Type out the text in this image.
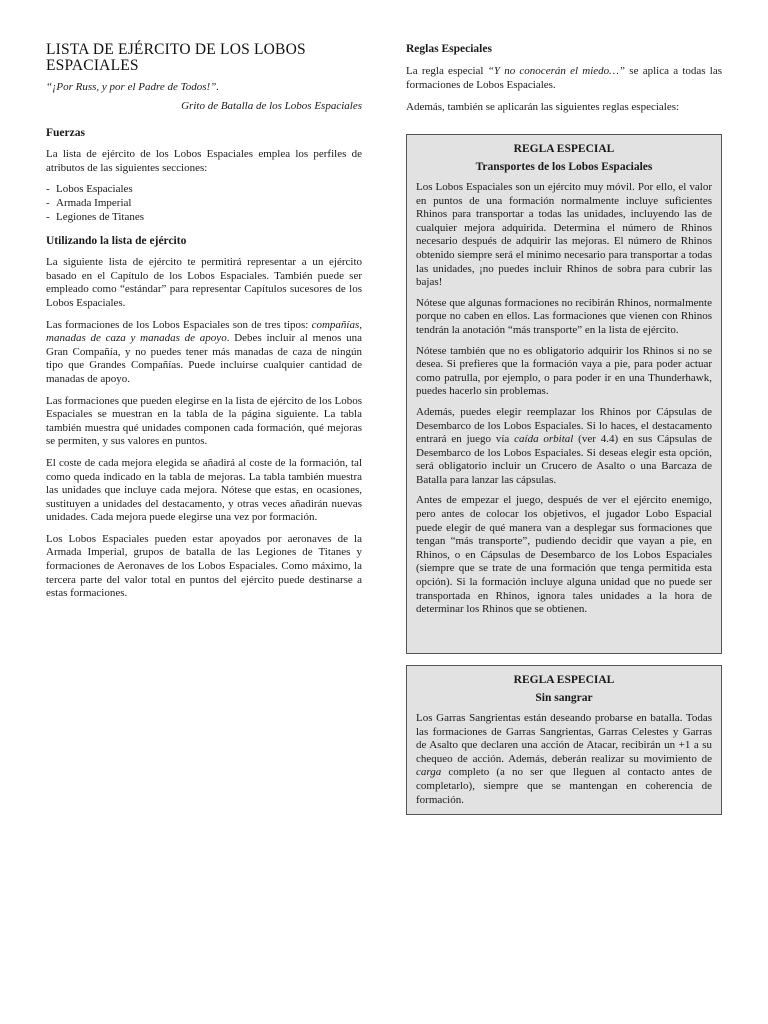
LISTA DE EJÉRCITO DE LOS LOBOS ESPACIALES

“¡Por Russ, y por el Padre de Todos!”.

Grito de Batalla de los Lobos Espaciales

Fuerzas

La lista de ejército de los Lobos Espaciales emplea los perfiles de atributos de las siguientes secciones:

- Lobos Espaciales
- Armada Imperial
- Legiones de Titanes
Utilizando la lista de ejército

La siguiente lista de ejército te permitirá representar a un ejército basado en el Capítulo de los Lobos Espaciales. También puede ser empleado como “estándar” para representar Capítulos sucesores de los Lobos Espaciales.

Las formaciones de los Lobos Espaciales son de tres tipos: compañías, manadas de caza y manadas de apoyo. Debes incluir al menos una Gran Compañía, y no puedes tener más manadas de caza de ningún tipo que Grandes Compañías. Puede incluirse cualquier cantidad de manadas de apoyo.

Las formaciones que pueden elegirse en la lista de ejército de los Lobos Espaciales se muestran en la tabla de la página siguiente. La tabla también muestra qué unidades componen cada formación, qué mejoras se permiten, y sus valores en puntos.

El coste de cada mejora elegida se añadirá al coste de la formación, tal como queda indicado en la tabla de mejoras. La tabla también muestra las unidades que incluye cada mejora. Nótese que estas, en ocasiones, sustituyen a unidades del destacamento, y otras veces añadirán nuevas unidades. Cada mejora puede elegirse una vez por formación.

Los Lobos Espaciales pueden estar apoyados por aeronaves de la Armada Imperial, grupos de batalla de las Legiones de Titanes y formaciones de Aeronaves de los Lobos Espaciales. Como máximo, la tercera parte del valor total en puntos del ejército puede destinarse a estas formaciones.

Reglas Especiales

La regla especial “Y no conocerán el miedo…” se aplica a todas las formaciones de Lobos Espaciales.

Además, también se aplicarán las siguientes reglas especiales:

REGLA ESPECIAL

Transportes de los Lobos Espaciales

Los Lobos Espaciales son un ejército muy móvil. Por ello, el valor en puntos de una formación normalmente incluye suficientes Rhinos para transportar a todas las unidades, incluyendo las de cualquier mejora adquirida. Determina el número de Rhinos necesario después de adquirir las mejoras. El número de Rhinos obtenido siempre será el mínimo necesario para transportar a todas las unidades, ¡no puedes incluir Rhinos de sobra para cubrir las bajas!

Nótese que algunas formaciones no recibirán Rhinos, normalmente porque no caben en ellos. Las formaciones que vienen con Rhinos tendrán la anotación “más transporte” en la lista de ejército.

Nótese también que no es obligatorio adquirir los Rhinos si no se desea. Si prefieres que la formación vaya a pie, para poder actuar como patrulla, por ejemplo, o para poder ir en una Thunderhawk, puedes hacerlo sin problemas.

Además, puedes elegir reemplazar los Rhinos por Cápsulas de Desembarco de los Lobos Espaciales. Si lo haces, el destacamento entrará en juego vía caída orbital (ver 4.4) en sus Cápsulas de Desembarco de los Lobos Espaciales. Si deseas elegir esta opción, será obligatorio incluir un Crucero de Asalto o una Barcaza de Batalla para lanzar las cápsulas.

Antes de empezar el juego, después de ver el ejército enemigo, pero antes de colocar los objetivos, el jugador Lobo Espacial puede elegir de qué manera van a desplegar sus formaciones que tengan “más transporte”, pudiendo decidir que vayan a pie, en Rhinos, o en Cápsulas de Desembarco de los Lobos Espaciales (siempre que se trate de una formación que tenga permitida esta opción). Si la formación incluye alguna unidad que no puede ser transportada en Rhinos, ignora tales unidades a la hora de determinar los Rhinos que se obtienen.

REGLA ESPECIAL

Sin sangrar

Los Garras Sangrientas están deseando probarse en batalla. Todas las formaciones de Garras Sangrientas, Garras Celestes y Garras de Asalto que declaren una acción de Atacar, recibirán un +1 a su chequeo de acción. Además, deberán realizar su movimiento de carga completo (a no ser que lleguen al contacto antes de completarlo), siempre que se mantengan en coherencia de formación.
